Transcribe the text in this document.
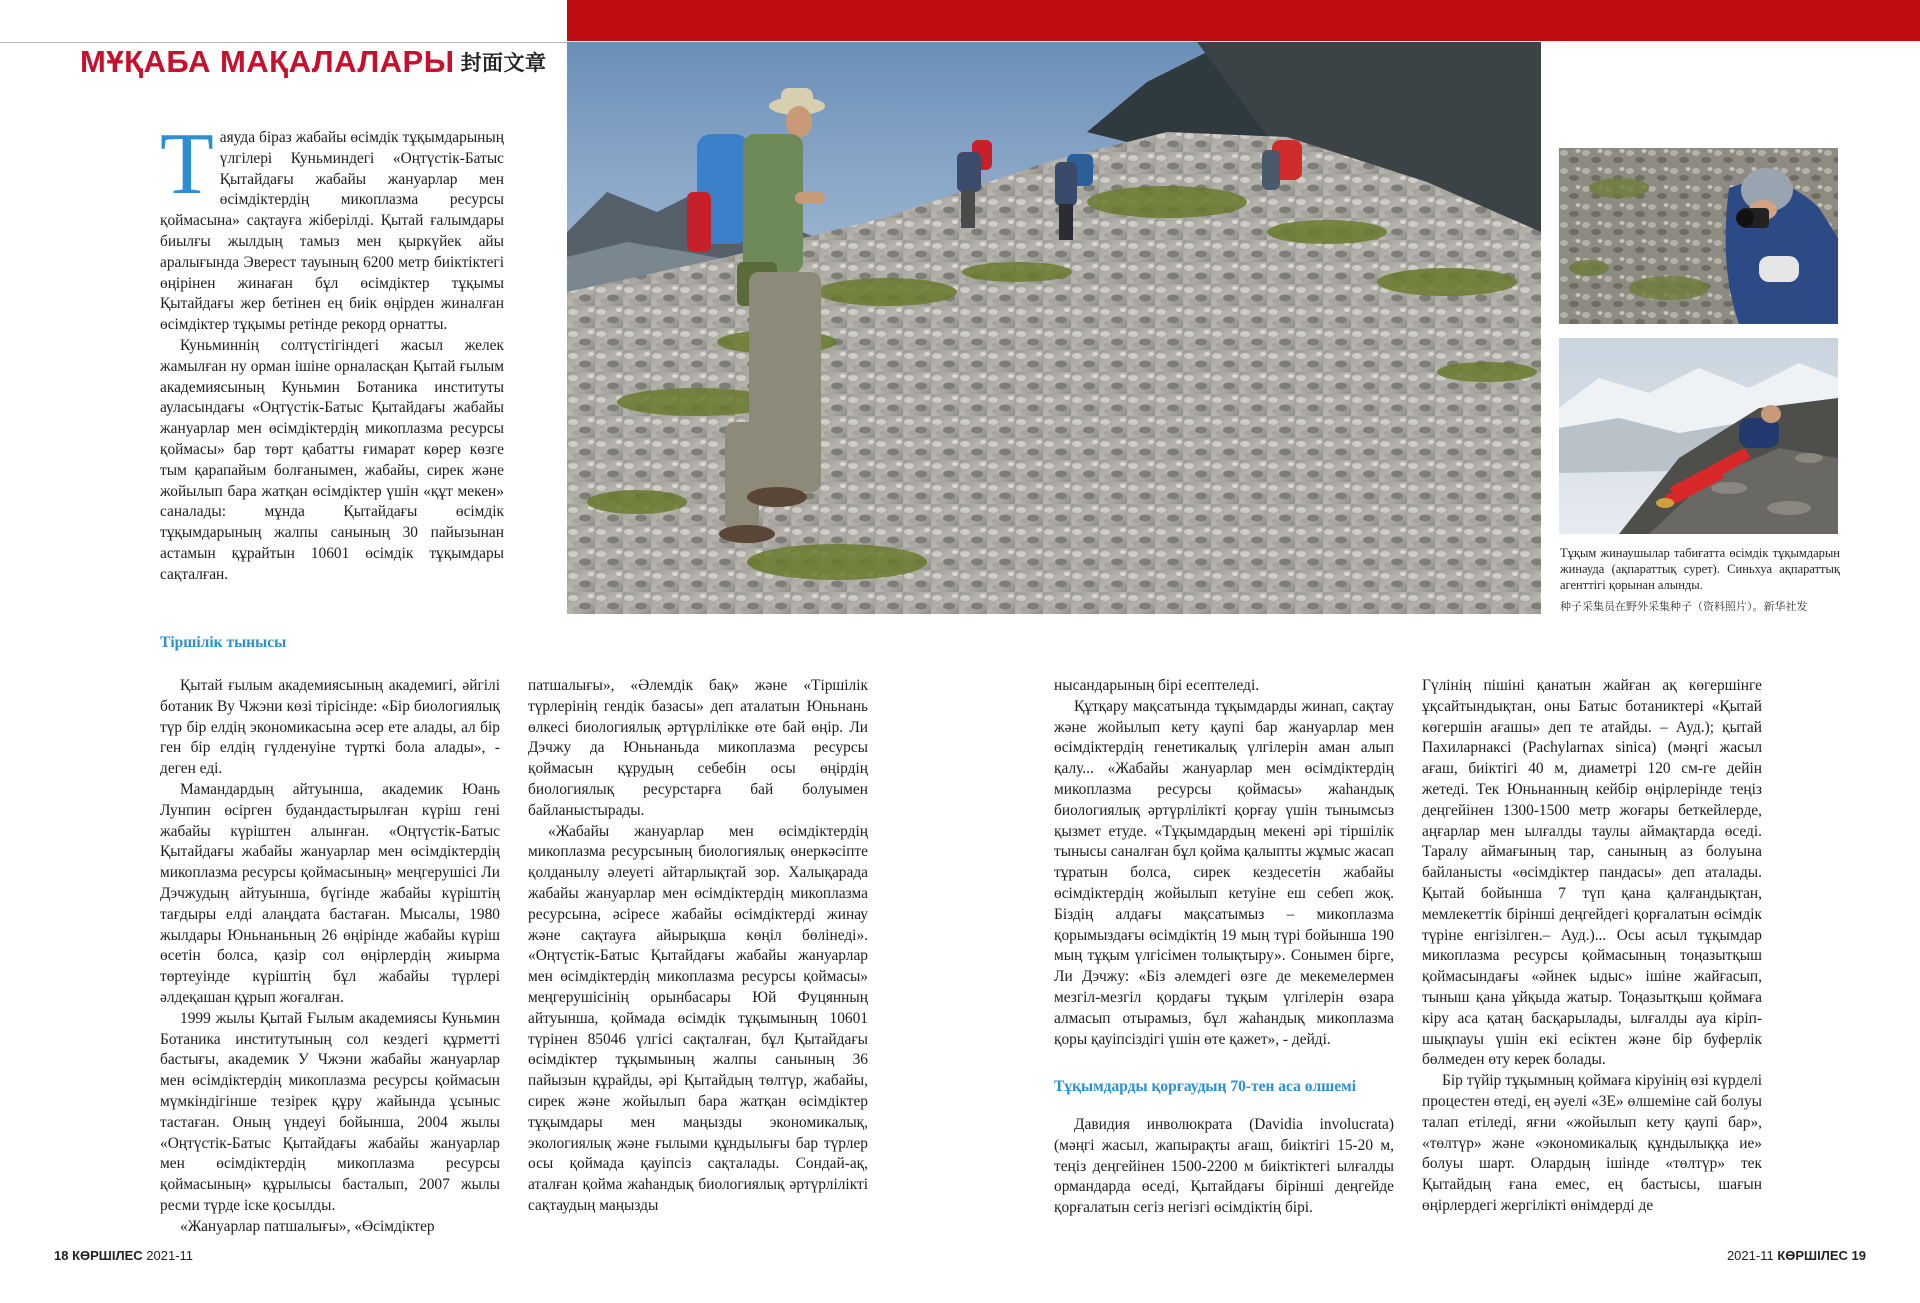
МҰҚАБА МАҚАЛАЛАРЫ 封面文章

Таяуда біраз жабайы өсімдік тұқымдарының үлгілері Куньминдегі «Оңтүстік-Батыс Қытайдағы жабайы жануарлар мен өсімдіктердің микоплазма ресурсы қоймасына» сақтауға жіберілді. Қытай ғалымдары биылғы жылдың тамыз мен қыркүйек айы аралығында Эверест тауының 6200 метр биіктіктегі өңірінен жинаған бұл өсімдіктер тұқымы Қытайдағы жер бетінен ең биік өңірден жиналған өсімдіктер тұқымы ретінде рекорд орнатты.

Куньминнің солтүстігіндегі жасыл желек жамылған ну орман ішіне орналасқан Қытай ғылым академиясының Куньмин Ботаника институты ауласындағы «Оңтүстік-Батыс Қытайдағы жабайы жануарлар мен өсімдіктердің микоплазма ресурсы қоймасы» бар төрт қабатты ғимарат көрер көзге тым қарапайым болғанымен, жабайы, сирек және жойылып бара жатқан өсімдіктер үшін «құт мекен» саналады: мұнда Қытайдағы өсімдік тұқымдарының жалпы санының 30 пайызынан астамын құрайтын 10601 өсімдік тұқымдары сақталған.

Тұқым жинаушылар табиғатта өсімдік тұқымдарын жинауда (ақпараттық сурет). Синьхуа ақпараттық агенттігі қорынан алынды.
种子采集员在野外采集种子（资料照片）。新华社发
Тіршілік тынысы

Қытай ғылым академиясының академигі, әйгілі ботаник Ву Чжэни көзі тірісінде: «Бір биологиялық түр бір елдің экономикасына әсер ете алады, ал бір ген бір елдің гүлденуіне түрткі бола алады», - деген еді.

Мамандардың айтуынша, академик Юань Лунпин өсірген будандастырылған күріш гені жабайы күріштен алынған. «Оңтүстік-Батыс Қытайдағы жабайы жануарлар мен өсімдіктердің микоплазма ресурсы қоймасының» меңгерушісі Ли Дэчжудың айтуынша, бүгінде жабайы күріштің тағдыры елді алаңдата бастаған. Мысалы, 1980 жылдары Юньнаньның 26 өңірінде жабайы күріш өсетін болса, қазір сол өңірлердің жиырма төртеуінде күріштің бұл жабайы түрлері әлдеқашан құрып жоғалған.

1999 жылы Қытай Ғылым академиясы Куньмин Ботаника институтының сол кездегі құрметті бастығы, академик У Чжэни жабайы жануарлар мен өсімдіктердің микоплазма ресурсы қоймасын мүмкіндігінше тезірек құру жайында ұсыныс тастаған. Оның үндеуі бойынша, 2004 жылы «Оңтүстік-Батыс Қытайдағы жабайы жануарлар мен өсімдіктердің микоплазма ресурсы қоймасының» құрылысы басталып, 2007 жылы ресми түрде іске қосылды.

«Жануарлар патшалығы», «Өсімдіктер

патшалығы», «Әлемдік бақ» және «Тіршілік түрлерінің гендік базасы» деп аталатын Юньнань өлкесі биологиялық әртүрлілікке өте бай өңір. Ли Дэчжу да Юньнаньда микоплазма ресурсы қоймасын құрудың себебін осы өңірдің биологиялық ресурстарға бай болуымен байланыстырады.

«Жабайы жануарлар мен өсімдіктердің микоплазма ресурсының биологиялық өнеркәсіпте қолданылу әлеуеті айтарлықтай зор. Халықарада жабайы жануарлар мен өсімдіктердің микоплазма ресурсына, әсіресе жабайы өсімдіктерді жинау және сақтауға айырықша көңіл бөлінеді». «Оңтүстік-Батыс Қытайдағы жабайы жануарлар мен өсімдіктердің микоплазма ресурсы қоймасы» меңгерушісінің орынбасары Юй Фуцянның айтуынша, қоймада өсімдік тұқымының 10601 түрінен 85046 үлгісі сақталған, бұл Қытайдағы өсімдіктер тұқымының жалпы санының 36 пайызын құрайды, әрі Қытайдың төлтүр, жабайы, сирек және жойылып бара жатқан өсімдіктер тұқымдары мен маңызды экономикалық, экологиялық және ғылыми құндылығы бар түрлер осы қоймада қауіпсіз сақталады. Сондай-ақ, аталған қойма жаһандық биологиялық әртүрлілікті сақтаудың маңызды

нысандарының бірі есептеледі.

Құтқару мақсатында тұқымдарды жинап, сақтау және жойылып кету қаупі бар жануарлар мен өсімдіктердің генетикалық үлгілерін аман алып қалу... «Жабайы жануарлар мен өсімдіктердің микоплазма ресурсы қоймасы» жаһандық биологиялық әртүрлілікті қорғау үшін тынымсыз қызмет етуде. «Тұқымдардың мекені әрі тіршілік тынысы саналған бұл қойма қалыпты жұмыс жасап тұратын болса, сирек кездесетін жабайы өсімдіктердің жойылып кетуіне еш себеп жоқ. Біздің алдағы мақсатымыз – микоплазма қорымыздағы өсімдіктің 19 мың түрі бойынша 190 мың тұқым үлгісімен толықтыру». Сонымен бірге, Ли Дэчжу: «Біз әлемдегі өзге де мекемелермен мезгіл-мезгіл қордағы тұқым үлгілерін өзара алмасып отырамыз, бұл жаһандық микоплазма қоры қауіпсіздігі үшін өте қажет», - дейді.

Тұқымдарды қорғаудың 70-тен аса өлшемі

Давидия инволюкрата (Davidia involucrata) (мәңгі жасыл, жапырақты ағаш, биіктігі 15-20 м, теңіз деңгейінен 1500-2200 м биіктіктегі ылғалды ормандарда өседі, Қытайдағы бірінші деңгейде қорғалатын сегіз негізгі өсімдіктің бірі.

Гүлінің пішіні қанатын жайған ақ көгершінге ұқсайтындықтан, оны Батыс ботаниктері «Қытай көгершін ағашы» деп те атайды. – Ауд.); қытай Пахиларнаксі (Pachylarnax sinica) (мәңгі жасыл ағаш, биіктігі 40 м, диаметрі 120 см-ге дейін жетеді. Тек Юньнанның кейбір өңірлерінде теңіз деңгейінен 1300-1500 метр жоғары беткейлерде, аңғарлар мен ылғалды таулы аймақтарда өседі. Таралу аймағының тар, санының аз болуына байланысты «өсімдіктер пандасы» деп аталады. Қытай бойынша 7 түп қана қалғандықтан, мемлекеттік бірінші деңгейдегі қорғалатын өсімдік түріне енгізілген.– Ауд.)... Осы асыл тұқымдар микоплазма ресурсы қоймасының тоңазытқыш қоймасындағы «әйнек ыдыс» ішіне жайғасып, тыныш қана ұйқыда жатыр. Тоңазытқыш қоймаға кіру аса қатаң басқарылады, ылғалды ауа кіріп-шықпауы үшін екі есіктен және бір буферлік бөлмеден өту керек болады.

Бір түйір тұқымның қоймаға кіруінің өзі күрделі процестен өтеді, ең әуелі «3Е» өлшеміне сай болуы талап етіледі, яғни «жойылып кету қаупі бар», «төлтүр» және «экономикалық құндылыққа ие» болуы шарт. Олардың ішінде «төлтүр» тек Қытайдың ғана емес, ең бастысы, шағын өңірлердегі жергілікті өнімдерді де

18 КӨРШІЛЕС 2021-11	2021-11 КӨРШІЛЕС 19
